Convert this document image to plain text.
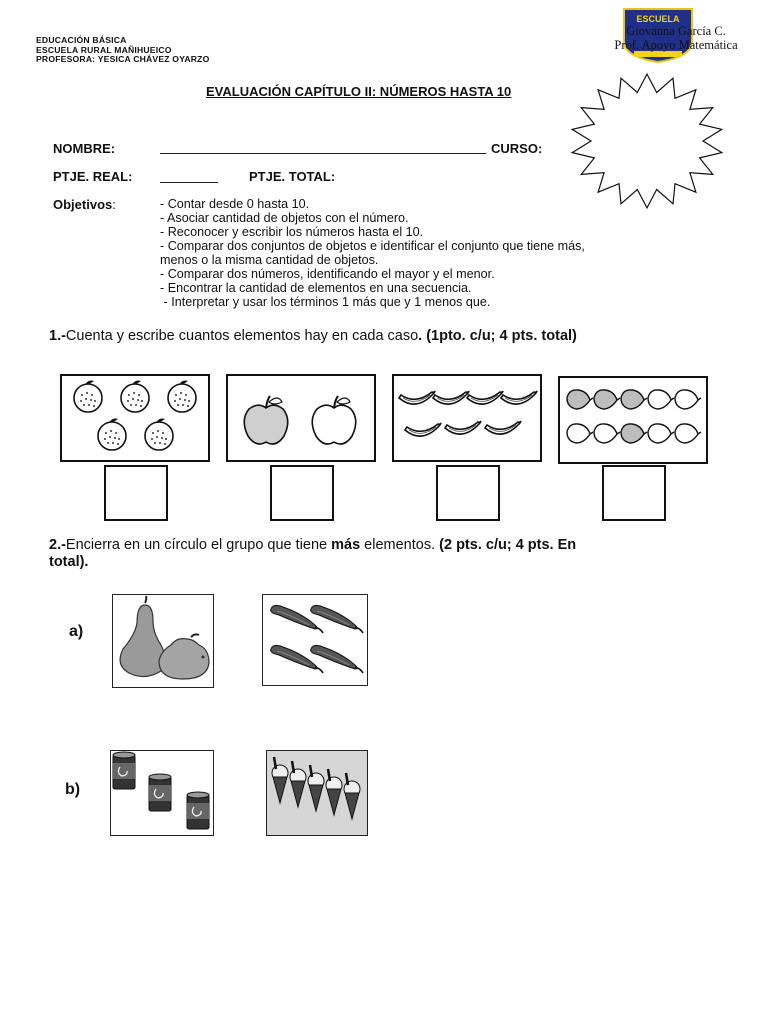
EDUCACIÓN BÁSICA
ESCUELA RURAL MAÑIHUEICO
PROFESORA: YESICA CHÁVEZ OYARZO
ESCUELA
Giovanna García C.
Prof. Apoyo Matemática
EVALUACIÓN CAPÍTULO II: NÚMEROS HASTA 10
NOMBRE:	CURSO:
PTJE. REAL:	PTJE. TOTAL:
Objetivos:	- Contar desde 0 hasta 10.
- Asociar cantidad de objetos con el número.
- Reconocer y escribir los números hasta el 10.
- Comparar dos conjuntos de objetos e identificar el conjunto que tiene más,
menos o la misma cantidad de objetos.
- Comparar dos números, identificando el mayor y el menor.
- Encontrar la cantidad de elementos en una secuencia.
- Interpretar y usar los términos 1 más que y 1 menos que.
1.-Cuenta y escribe cuantos elementos hay en cada caso. (1pto. c/u; 4 pts. total)
2.-Encierra en un círculo el grupo que tiene más elementos. (2 pts. c/u; 4 pts. En
total).
a)
b)
